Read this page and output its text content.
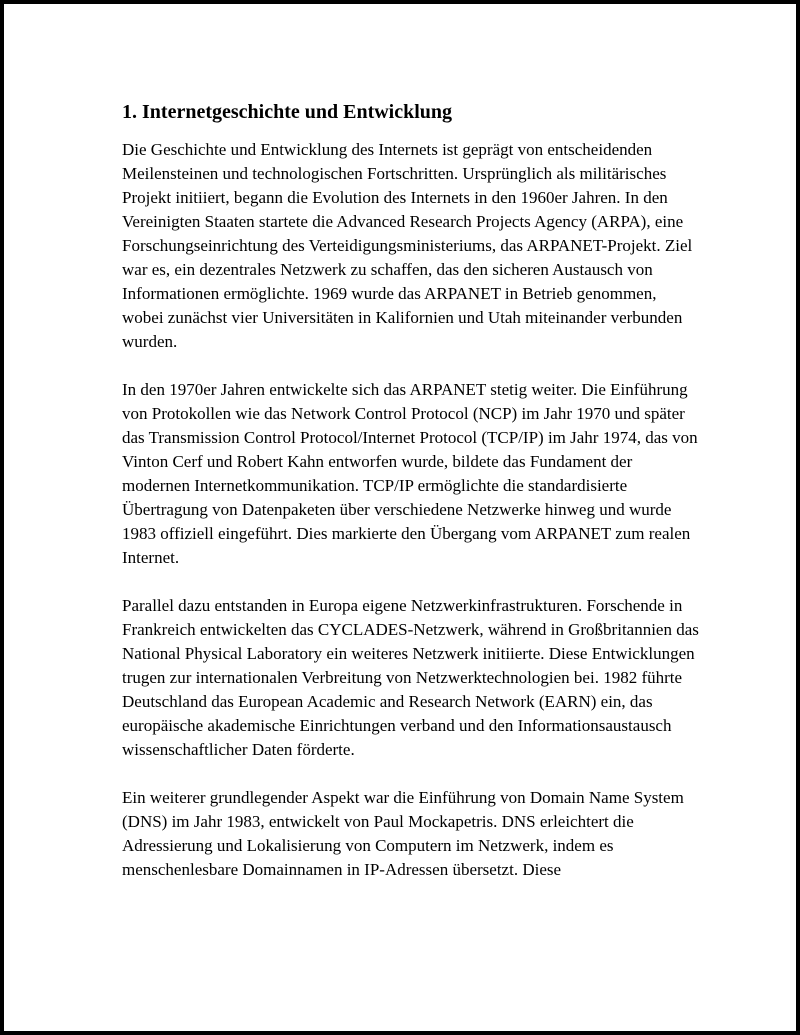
1. Internetgeschichte und Entwicklung

Die Geschichte und Entwicklung des Internets ist geprägt von entscheidenden Meilensteinen und technologischen Fortschritten. Ursprünglich als militärisches Projekt initiiert, begann die Evolution des Internets in den 1960er Jahren. In den Vereinigten Staaten startete die Advanced Research Projects Agency (ARPA), eine Forschungseinrichtung des Verteidigungsministeriums, das ARPANET-Projekt. Ziel war es, ein dezentrales Netzwerk zu schaffen, das den sicheren Austausch von Informationen ermöglichte. 1969 wurde das ARPANET in Betrieb genommen, wobei zunächst vier Universitäten in Kalifornien und Utah miteinander verbunden wurden.

In den 1970er Jahren entwickelte sich das ARPANET stetig weiter. Die Einführung von Protokollen wie das Network Control Protocol (NCP) im Jahr 1970 und später das Transmission Control Protocol/Internet Protocol (TCP/IP) im Jahr 1974, das von Vinton Cerf und Robert Kahn entworfen wurde, bildete das Fundament der modernen Internetkommunikation. TCP/IP ermöglichte die standardisierte Übertragung von Datenpaketen über verschiedene Netzwerke hinweg und wurde 1983 offiziell eingeführt. Dies markierte den Übergang vom ARPANET zum realen Internet.

Parallel dazu entstanden in Europa eigene Netzwerkinfrastrukturen. Forschende in Frankreich entwickelten das CYCLADES-Netzwerk, während in Großbritannien das National Physical Laboratory ein weiteres Netzwerk initiierte. Diese Entwicklungen trugen zur internationalen Verbreitung von Netzwerktechnologien bei. 1982 führte Deutschland das European Academic and Research Network (EARN) ein, das europäische akademische Einrichtungen verband und den Informationsaustausch wissenschaftlicher Daten förderte.

Ein weiterer grundlegender Aspekt war die Einführung von Domain Name System (DNS) im Jahr 1983, entwickelt von Paul Mockapetris. DNS erleichtert die Adressierung und Lokalisierung von Computern im Netzwerk, indem es menschenlesbare Domainnamen in IP-Adressen übersetzt. Diese
